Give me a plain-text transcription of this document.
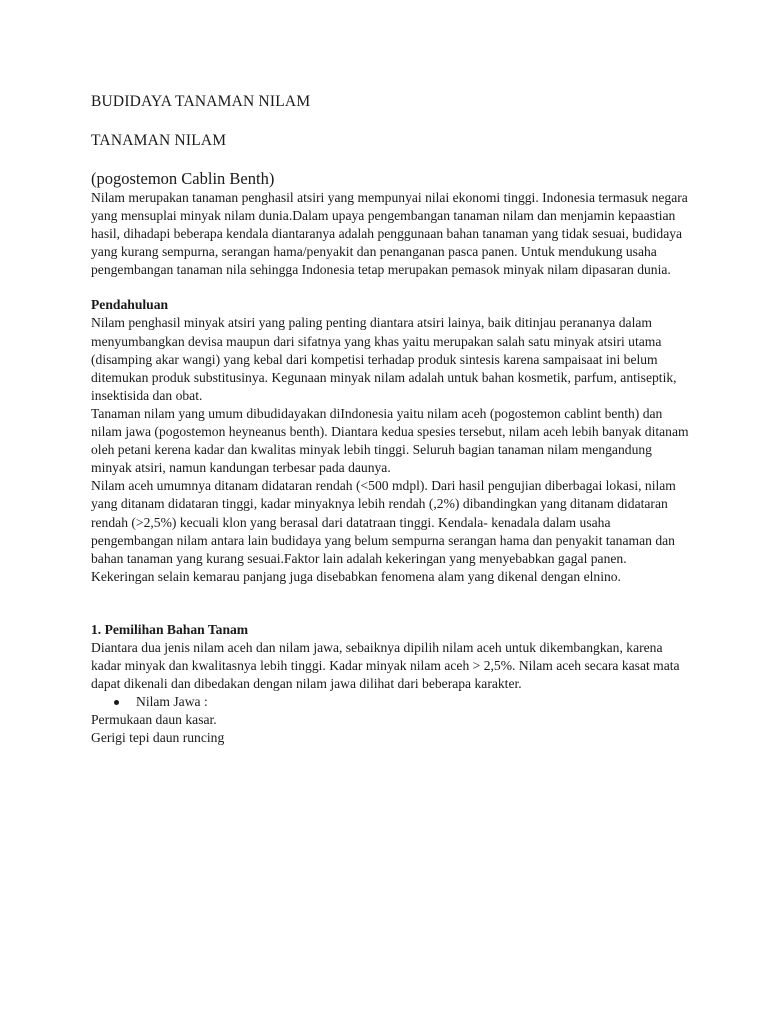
BUDIDAYA TANAMAN NILAM
TANAMAN NILAM
(pogostemon Cablin Benth)

Nilam merupakan tanaman penghasil atsiri yang mempunyai nilai ekonomi tinggi. Indonesia termasuk negara yang mensuplai minyak nilam dunia.Dalam upaya pengembangan tanaman nilam dan menjamin kepaastian hasil, dihadapi beberapa kendala diantaranya adalah penggunaan bahan tanaman yang tidak sesuai, budidaya yang kurang sempurna, serangan hama/penyakit dan penanganan pasca panen. Untuk mendukung usaha pengembangan tanaman nila sehingga Indonesia tetap merupakan pemasok minyak nilam dipasaran dunia.

Pendahuluan

Nilam penghasil minyak atsiri yang paling penting diantara atsiri lainya, baik ditinjau perananya dalam menyumbangkan devisa maupun dari sifatnya yang khas yaitu merupakan salah satu minyak atsiri utama (disamping akar wangi) yang kebal dari kompetisi terhadap produk sintesis karena sampaisaat ini belum ditemukan produk substitusinya. Kegunaan minyak nilam adalah untuk bahan kosmetik, parfum, antiseptik, insektisida dan obat.

Tanaman nilam yang umum dibudidayakan diIndonesia yaitu nilam aceh (pogostemon cablint benth) dan nilam jawa (pogostemon heyneanus benth). Diantara kedua spesies tersebut, nilam aceh lebih banyak ditanam oleh petani kerena kadar dan kwalitas minyak lebih tinggi. Seluruh bagian tanaman nilam mengandung minyak atsiri, namun kandungan terbesar pada daunya.

Nilam aceh umumnya ditanam didataran rendah (<500 mdpl). Dari hasil pengujian diberbagai lokasi, nilam yang ditanam didataran tinggi, kadar minyaknya lebih rendah (,2%) dibandingkan yang ditanam didataran rendah (>2,5%) kecuali klon yang berasal dari datatraan tinggi. Kendala- kenadala dalam usaha pengembangan nilam antara lain budidaya yang belum sempurna serangan hama dan penyakit tanaman dan bahan tanaman yang kurang sesuai.Faktor lain adalah kekeringan yang menyebabkan gagal panen. Kekeringan selain kemarau panjang juga disebabkan fenomena alam yang dikenal dengan elnino.

1. Pemilihan Bahan Tanam

Diantara dua jenis nilam aceh dan nilam jawa, sebaiknya dipilih nilam aceh untuk dikembangkan, karena kadar minyak dan kwalitasnya lebih tinggi. Kadar minyak nilam aceh > 2,5%. Nilam aceh secara kasat mata dapat dikenali dan dibedakan dengan nilam jawa dilihat dari beberapa karakter.

Nilam Jawa :

Permukaan daun kasar.

Gerigi tepi daun runcing
